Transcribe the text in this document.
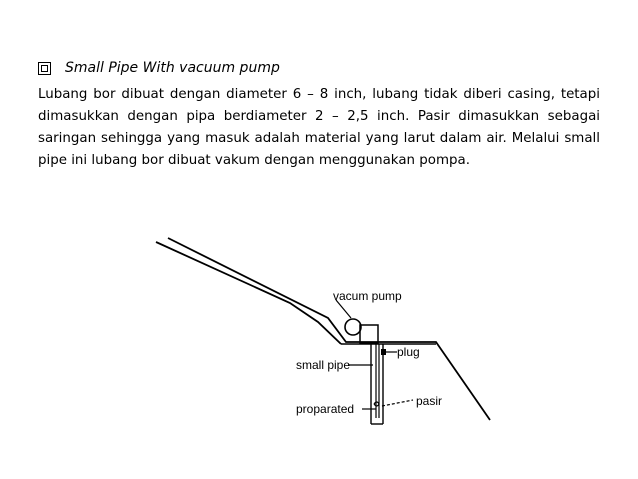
Small Pipe With vacuum pump
Lubang bor dibuat dengan diameter 6 – 8 inch, lubang tidak diberi casing, tetapi dimasukkan dengan pipa berdiameter 2 – 2,5 inch. Pasir dimasukkan sebagai saringan sehingga yang masuk adalah material yang larut dalam air. Melalui small pipe ini lubang bor dibuat vakum dengan menggunakan pompa.
vacum pump
plug
small pipe
proparated
pasir
